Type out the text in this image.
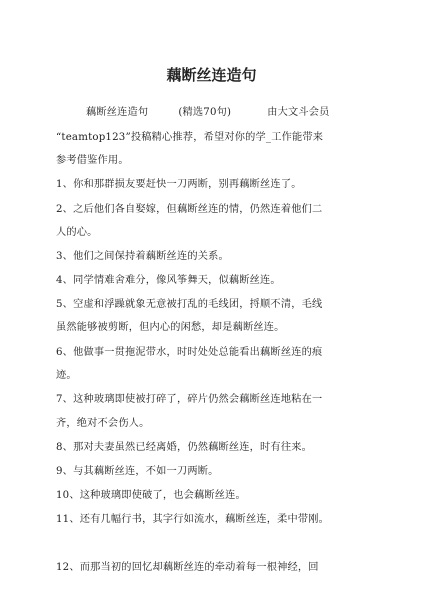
藕断丝连造句
藕断丝连造句	(精选70句)	由大文斗会员
“teamtop123”投稿精心推荐，希望对你的学_工作能带来
参考借鉴作用。
1、你和那群损友要赶快一刀两断，别再藕断丝连了。
2、之后他们各自娶嫁，但藕断丝连的情，仍然连着他们二
人的心。
3、他们之间保持着藕断丝连的关系。
4、同学情难舍难分，像风筝舞天，似藕断丝连。
5、空虚和浮躁就象无意被打乱的毛线团，捋顺不清，毛线
虽然能够被剪断，但内心的闲愁，却是藕断丝连。
6、他做事一贯拖泥带水，时时处处总能看出藕断丝连的痕
迹。
7、这种玻璃即使被打碎了，碎片仍然会藕断丝连地粘在一
齐，绝对不会伤人。
8、那对夫妻虽然已经离婚，仍然藕断丝连，时有往来。
9、与其藕断丝连，不如一刀两断。
10、这种玻璃即使破了，也会藕断丝连。
11、还有几幅行书，其字行如流水，藕断丝连，柔中带刚。
12、而那当初的回忆却藕断丝连的牵动着每一根神经，回
